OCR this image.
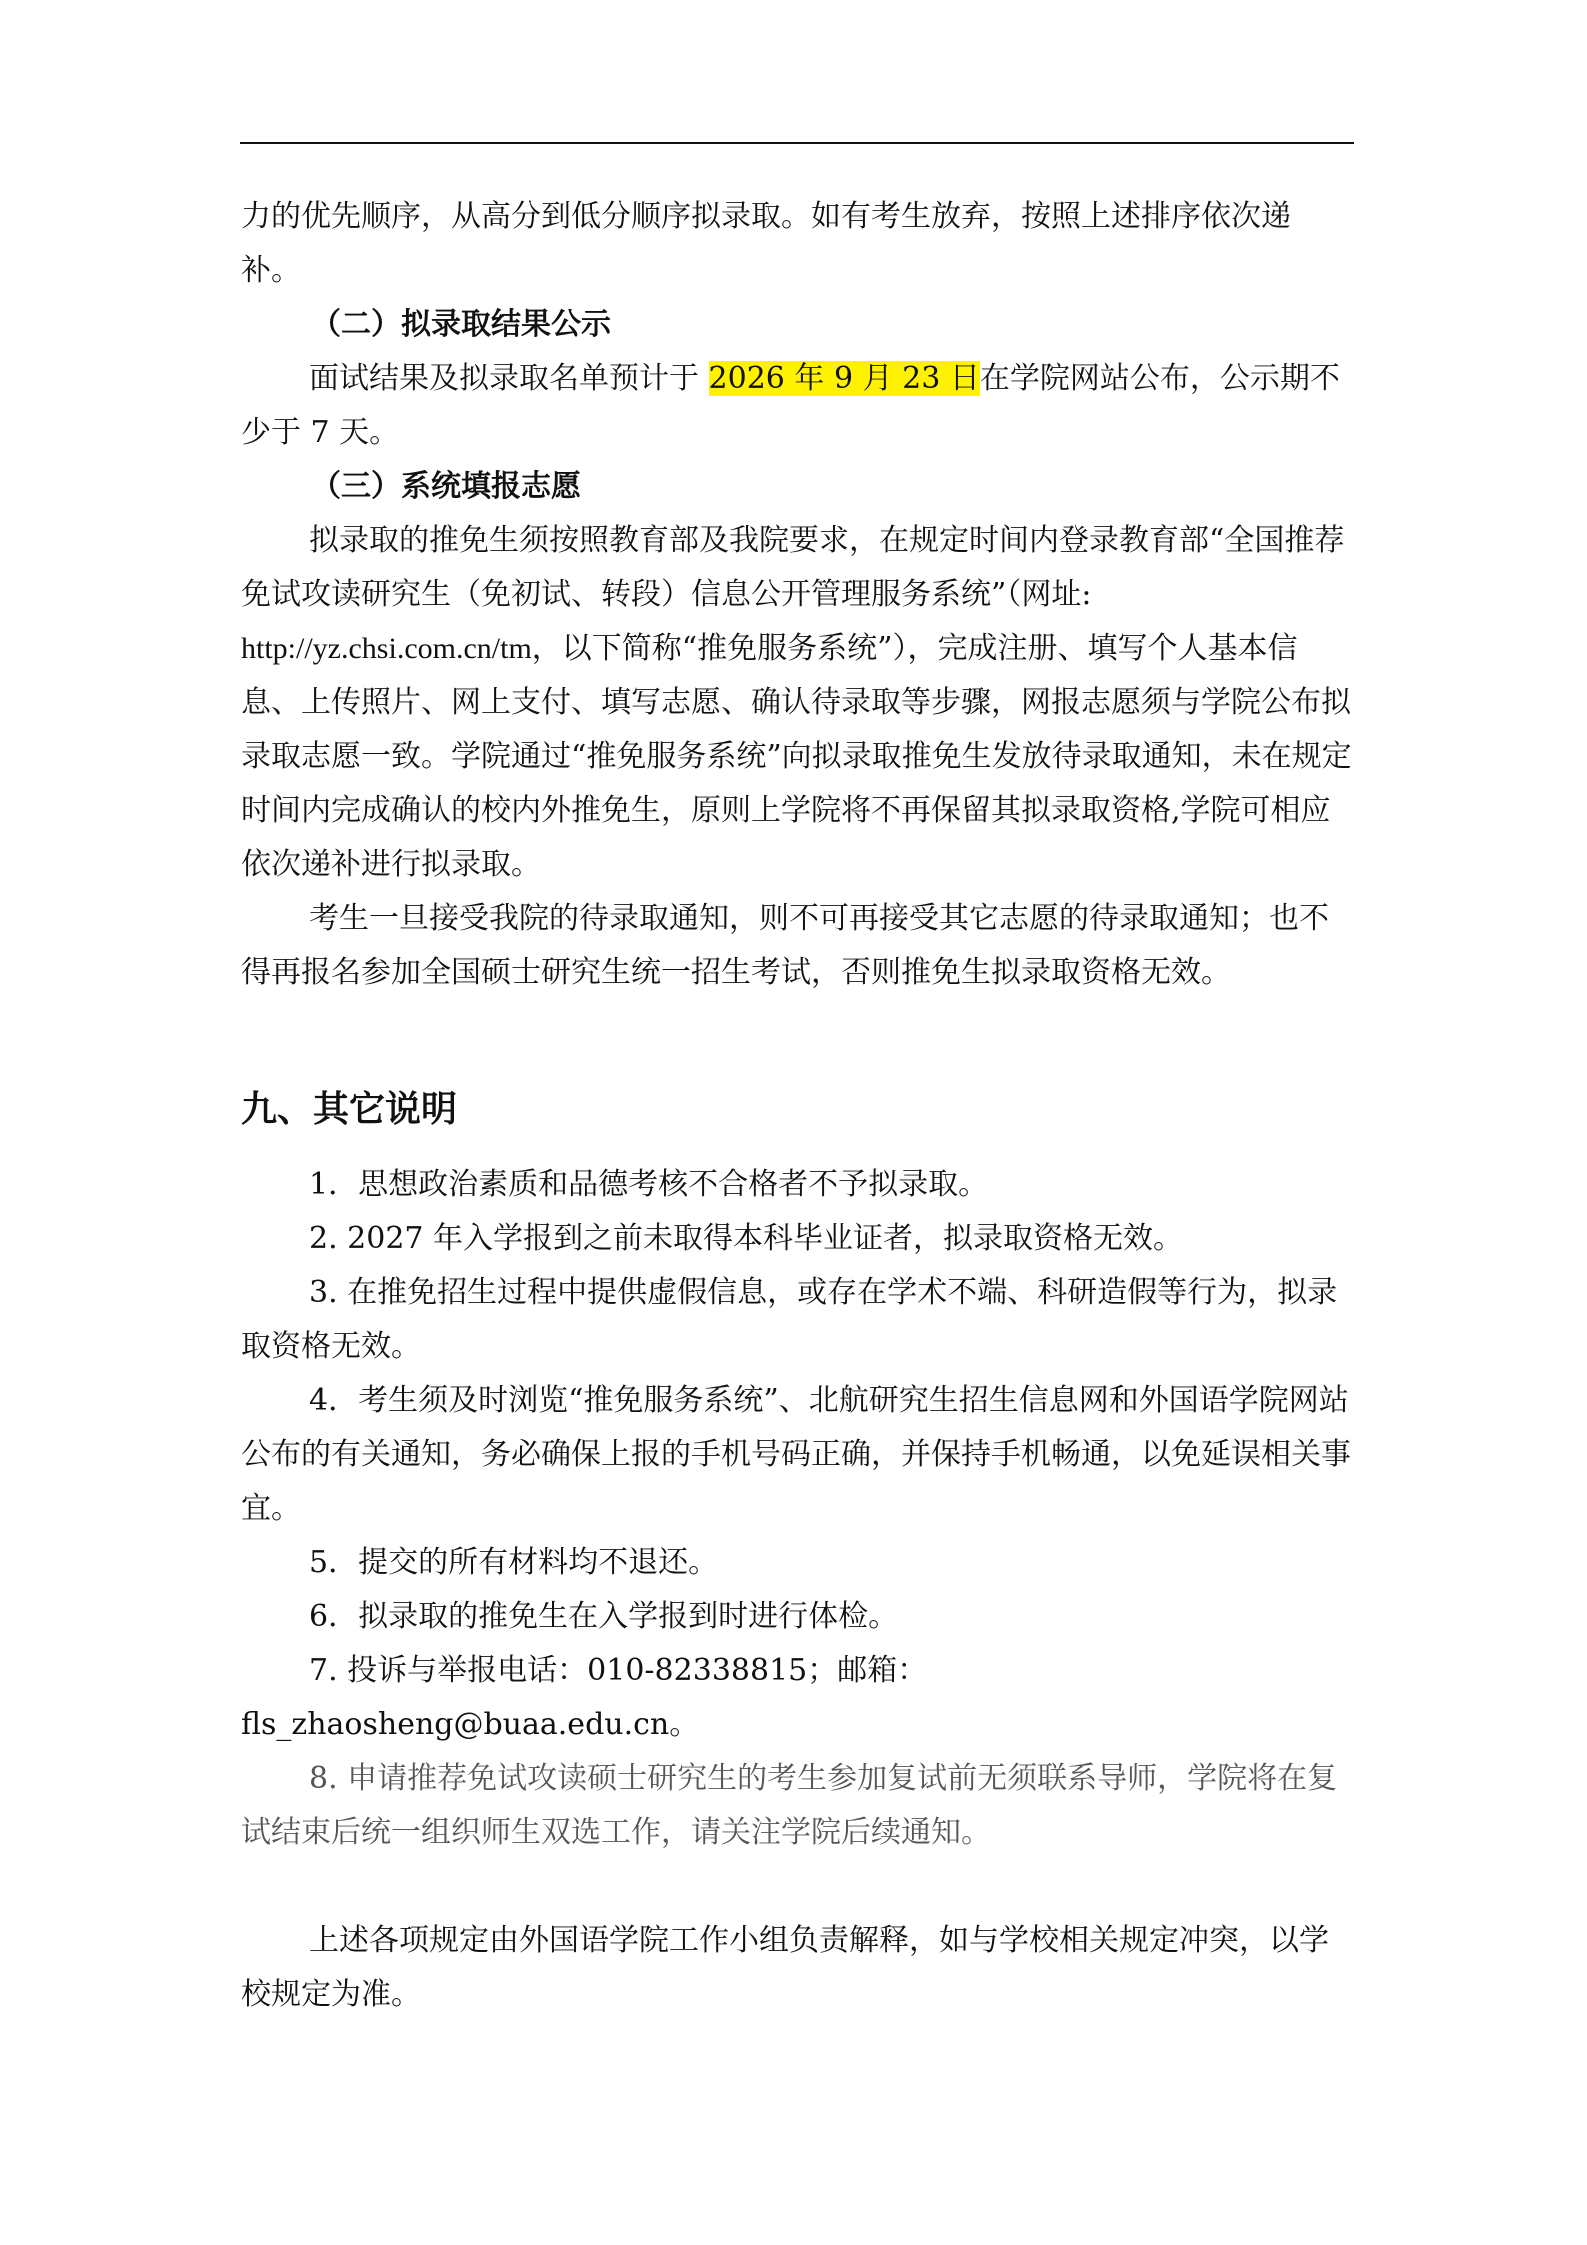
力的优先顺序，从高分到低分顺序拟录取。如有考生放弃，按照上述排序依次递

补。

（二）拟录取结果公示

面试结果及拟录取名单预计于 2026 年 9 月 23 日在学院网站公布，公示期不少于 7 天。

（三）系统填报志愿

拟录取的推免生须按照教育部及我院要求，在规定时间内登录教育部“全国推荐免试攻读研究生（免初试、转段）信息公开管理服务系统”（网址: http://yz.chsi.com.cn/tm，以下简称“推免服务系统”），完成注册、填写个人基本信息、上传照片、网上支付、填写志愿、确认待录取等步骤，网报志愿须与学院公布拟录取志愿一致。学院通过“推免服务系统”向拟录取推免生发放待录取通知，未在规定时间内完成确认的校内外推免生，原则上学院将不再保留其拟录取资格,学院可相应依次递补进行拟录取。

考生一旦接受我院的待录取通知，则不可再接受其它志愿的待录取通知；也不得再报名参加全国硕士研究生统一招生考试，否则推免生拟录取资格无效。

九、其它说明

1．思想政治素质和品德考核不合格者不予拟录取。

2. 2027 年入学报到之前未取得本科毕业证者，拟录取资格无效。

3. 在推免招生过程中提供虚假信息，或存在学术不端、科研造假等行为，拟录取资格无效。

4．考生须及时浏览“推免服务系统”、北航研究生招生信息网和外国语学院网站公布的有关通知，务必确保上报的手机号码正确，并保持手机畅通，以免延误相关事宜。

5．提交的所有材料均不退还。

6．拟录取的推免生在入学报到时进行体检。

7. 投诉与举报电话：010-82338815；邮箱：fls_zhaosheng@buaa.edu.cn。

8. 申请推荐免试攻读硕士研究生的考生参加复试前无须联系导师，学院将在复试结束后统一组织师生双选工作，请关注学院后续通知。

上述各项规定由外国语学院工作小组负责解释，如与学校相关规定冲突，以学校规定为准。
